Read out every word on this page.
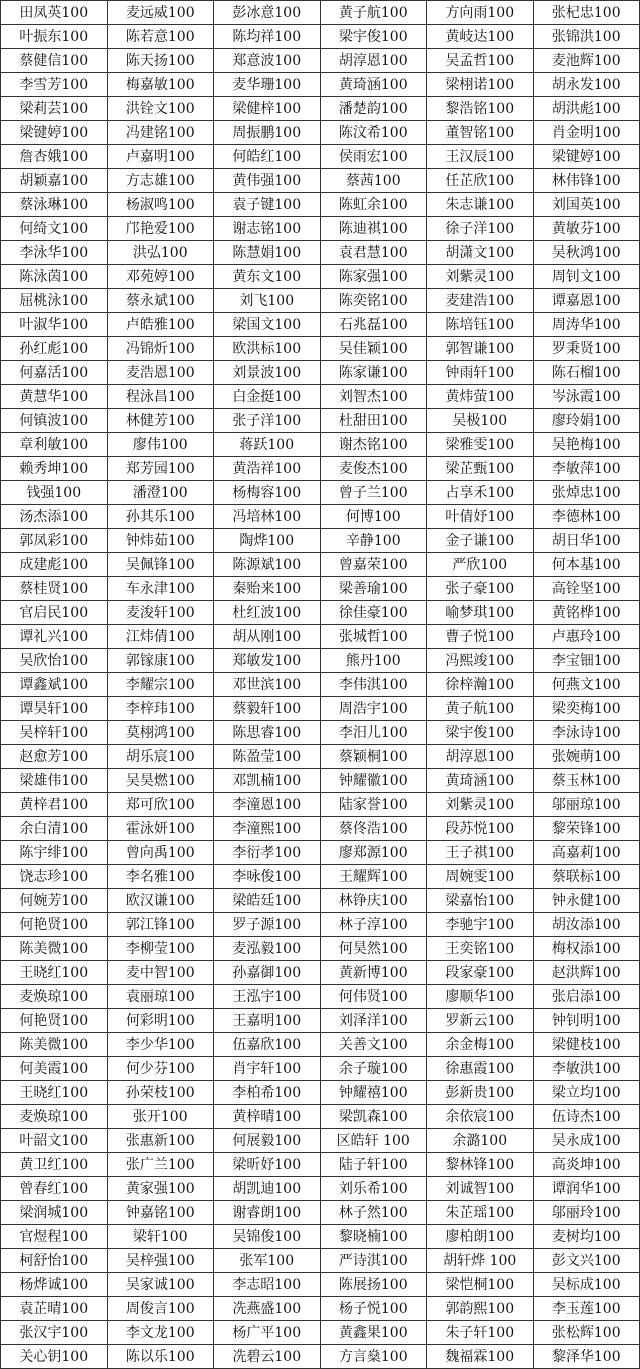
田凤英100	麦远威100	彭冰意100	黄子航100	方向雨100	张杞忠100
叶振东100	陈若意100	陈均祥100	梁宇俊100	黄岐达100	张锦洪100
蔡健信100	陈天扬100	郑意波100	胡淳恩100	吴孟哲100	麦池辉100
李雪芳100	梅嘉敏100	麦华珊100	黄琦涵100	梁栩诺100	胡永发100
梁莉芸100	洪铨文100	梁健梓100	潘楚韵100	黎浩铭100	胡洪彪100
梁键婷100	冯建铭100	周振鹏100	陈汶希100	董智铭100	肖金明100
詹杏娥100	卢嘉明100	何皓红100	侯雨宏100	王汉辰100	梁键婷100
胡颖嘉100	方志雄100	黄伟强100	蔡茜100	任芷欣100	林伟锋100
蔡泳琳100	杨淑鸣100	袁子键100	陈虹余100	朱志谦100	刘国英100
何绮文100	邝艳爱100	谢志铭100	陈迪祺100	徐子洋100	黄敏芬100
李泳华100	洪弘100	陈慧娟100	袁君慧100	胡潇文100	吴秋鸿100
陈泳茵100	邓苑婷100	黄东文100	陈家强100	刘紫灵100	周钊文100
屈桃泳100	蔡永斌100	刘飞100	陈奕铭100	麦建浩100	谭嘉恩100
叶淑华100	卢皓雅100	梁国文100	石兆磊100	陈培钰100	周涛华100
孙红彪100	冯锦炘100	欧洪标100	吴佳颖100	郭智谦100	罗秉贤100
何嘉活100	麦浩恩100	刘景波100	陈家谦100	钟雨轩100	陈石榴100
黄慧华100	程泳昌100	白金挺100	刘智杰100	黄炜萤100	岑泳霞100
何镇波100	林健芳100	张子洋100	杜甜田100	吴极100	廖玲娟100
章利敏100	廖伟100	蒋跃100	谢杰铭100	梁雅雯100	吴艳梅100
赖秀坤100	郑芳园100	黄浩祥100	麦俊杰100	梁芷甄100	李敏萍100
钱强100	潘澄100	杨梅容100	曾子兰100	占享禾100	张焯忠100
汤杰添100	孙其乐100	冯培林100	何博100	叶倩妤100	李德林100
郭凤彩100	钟炜茹100	陶烨100	辛静100	金子谦100	胡日华100
成建彪100	吴佩锋100	陈源斌100	曾嘉荣100	严欣100	何本基100
蔡桂贤100	车永津100	秦贻来100	梁善瑜100	张子豪100	高铨坚100
官启民100	麦浚轩100	杜红波100	徐佳豪100	喻梦琪100	黄铭桦100
谭礼兴100	江炜倩100	胡从刚100	张城哲100	曹子悦100	卢惠玲100
吴欣怡100	郭镓康100	郑敏发100	熊丹100	冯熙竣100	李宝钿100
谭鑫斌100	李耀宗100	邓世滨100	李伟淇100	徐梓瀚100	何燕文100
谭昊轩100	李梓玮100	蔡毅轩100	周浩宇100	黄子航100	梁奕梅100
吴梓轩100	莫栩鸿100	陈思睿100	李汨儿100	梁宇俊100	李泳诗100
赵愈芳100	胡乐宸100	陈盈莹100	蔡颖桐100	胡淳恩100	张婉萌100
梁雄伟100	吴昊燃100	邓凯楠100	钟耀徽100	黄琦涵100	蔡玉林100
黄梓君100	郑可欣100	李潼恩100	陆家誉100	刘紫灵100	邬丽琼100
余白清100	霍泳妍100	李潼熙100	蔡佟浩100	段苏悦100	黎荣锋100
陈宇绯100	曾向禹100	李衍孝100	廖郑源100	王子祺100	高嘉莉100
饶志珍100	李名雅100	李咏俊100	王耀辉100	周婉雯100	蔡联标100
何婉芳100	欧汉谦100	梁皓廷100	林铮庆100	梁嘉怡100	钟永健100
何艳贤100	郭江锋100	罗子源100	林子淳100	李驰宇100	胡汝添100
陈美微100	李柳莹100	麦泓毅100	何昊然100	王奕铭100	梅权添100
王晓红100	麦中智100	孙嘉御100	黄新博100	段家豪100	赵洪辉100
麦焕琼100	袁丽琼100	王泓宇100	何伟贤100	廖顺华100	张启添100
何艳贤100	何彩明100	王嘉明100	刘泽洋100	罗新云100	钟钊明100
陈美微100	李少华100	伍嘉欣100	关善文100	余金梅100	梁健枝100
何美霞100	何少芬100	肖宇轩100	余子璇100	徐惠霞100	李敏洪100
王晓红100	孙荣枝100	李柏希100	钟耀禧100	彭新贵100	梁立均100
麦焕琼100	张开100	黄梓晴100	梁凯森100	余依宸100	伍诗杰100
叶韶文100	张惠新100	何展毅100	区皓轩 100	余潞100	吴永成100
黄卫红100	张广兰100	梁昕妤100	陆子轩100	黎林锋100	高炎坤100
曾春红100	黄家强100	胡凯迪100	刘乐希100	刘诚智100	谭润华100
梁润城100	钟嘉铭100	谢睿朗100	林子然100	朱芷瑶100	邬丽玲100
官煜程100	梁轩100	吴锦俊100	黎晓楠100	廖柏朗100	麦树均100
柯舒怡100	吴梓强100	张军100	严诗淇100	胡轩烨 100	彭文兴100
杨烨诚100	吴家诚100	李志昭100	陈展扬100	梁恺桐100	吴标成100
袁芷晴100	周俊言100	冼燕盛100	杨子悦100	郭韵熙100	李玉莲100
张汉宇100	李文龙100	杨广平100	黄鑫果100	朱子轩100	张松辉100
关心钥100	陈以乐100	冼碧云100	方言燊100	魏福霖100	黎泽华100
